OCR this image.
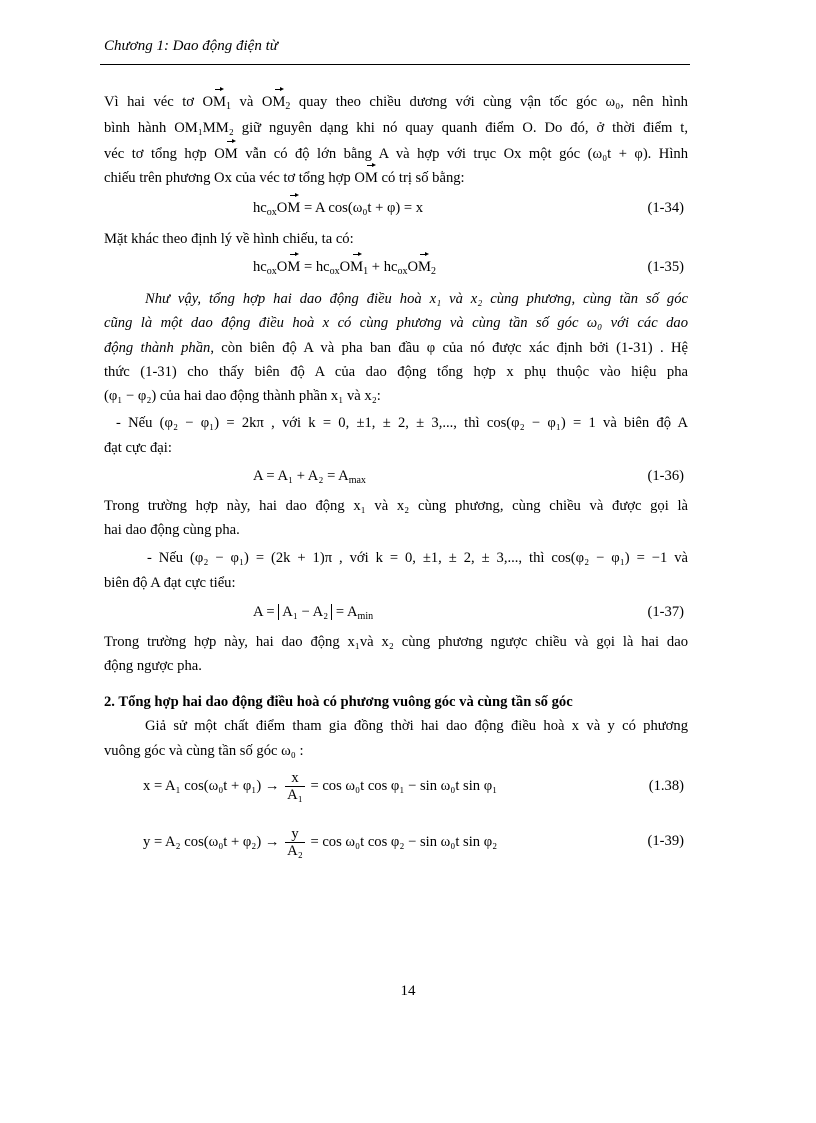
Chương 1: Dao động điện từ
Vì hai véc tơ $OM_1$ và $OM_2$ quay theo chiều dương với cùng vận tốc góc ω₀, nên hình
bình hành OM₁MM₂ giữ nguyên dạng khi nó quay quanh điểm O. Do đó, ở thời điểm t,
véc tơ tổng hợp OM vẫn có độ lớn bằng A và hợp với trục Ox một góc (ω₀t + φ). Hình
chiếu trên phương Ox của véc tơ tổng hợp OM có trị số bằng:
$hc_{ox}OM = A$ cos(ω₀t + φ) = x	(1-34)
Mặt khác theo định lý về hình chiếu, ta có:
$hc_{ox}OM = hc_{ox}OM_1 + hc_{ox}OM_2$	(1-35)
Như vậy, tổng hợp hai dao động điều hoà x₁ và x₂ cùng phương, cùng tần số góc
cũng là một dao động điều hoà x có cùng phương và cùng tần số góc ω₀ với các dao
động thành phần, còn biên độ A và pha ban đầu φ của nó được xác định bởi (1-31) . Hệ
thức (1-31) cho thấy biên độ A của dao động tổng hợp x phụ thuộc vào hiệu pha
(φ₁ − φ₂) của hai dao động thành phần x₁ và x₂:
- Nếu (φ₂ − φ₁) = 2kπ , với k = 0, ±1, ± 2, ± 3,..., thì cos(φ₂ − φ₁) = 1 và biên độ A
đạt cực đại:
$A = A_1 + A_2 = A_{max}$	(1-36)
Trong trường hợp này, hai dao động x₁ và x₂ cùng phương, cùng chiều và được gọi là
hai dao động cùng pha.
- Nếu (φ₂ − φ₁) = (2k + 1)π , với k = 0, ±1, ± 2, ± 3,..., thì cos(φ₂ − φ₁) = −1 và
biên độ A đạt cực tiểu:
$A = A_1 - A_2 = A_{min}$	(1-37)
Trong trường hợp này, hai dao động x₁và x₂ cùng phương ngược chiều và gọi là hai dao
động ngược pha.
2. Tổng hợp hai dao động điều hoà có phương vuông góc và cùng tần số góc
Giả sử một chất điểm tham gia đồng thời hai dao động điều hoà x và y có phương
vuông góc và cùng tần số góc ω₀ :
x = A₁ $\cos(\omega_0t + \varphi_1) \to \frac{x}{\text{A₁}} = \cos \omega_0t$ cos φ₁ − sin ω₀t sin φ₁	(1.38)
y = A₂ $\cos(\omega_0t + \varphi_2) \to \frac{y}{\text{A₂}} = \cos \omega_0t$ cos φ₂ − sin ω₀t sin φ₂	(1-39)
14
